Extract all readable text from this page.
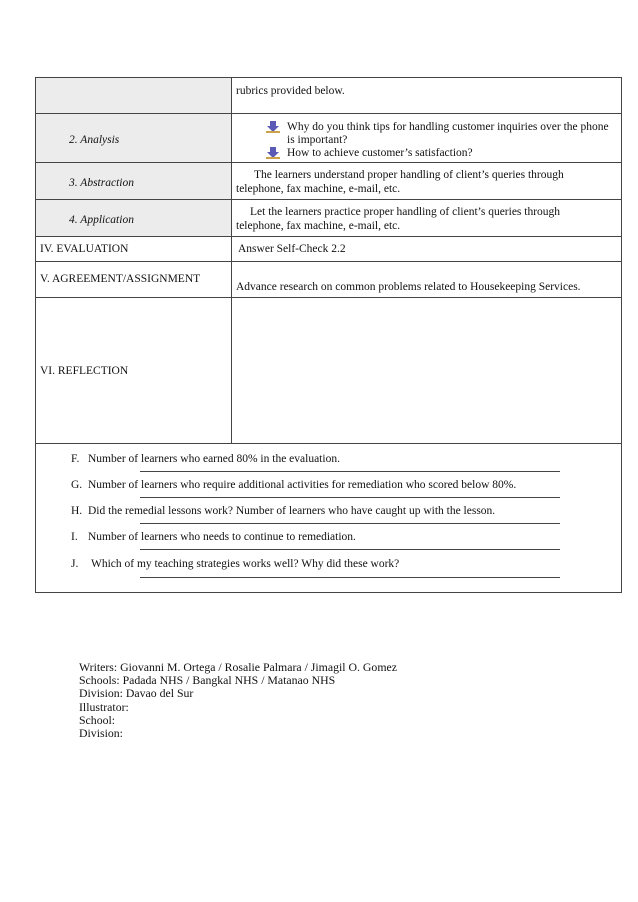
rubrics provided below.
2. Analysis
Why do you think tips for handling customer inquiries over the phone
is important?
How to achieve customer’s satisfaction?
3. Abstraction
The learners understand proper handling of client’s queries through
telephone, fax machine, e-mail, etc.
4. Application
Let the learners practice proper handling of client’s queries through
telephone, fax machine, e-mail, etc.
IV. EVALUATION	Answer Self-Check 2.2
V. AGREEMENT/ASSIGNMENT
Advance research on common problems related to Housekeeping Services.
VI. REFLECTION
F. Number of learners who earned 80% in the evaluation.
G. Number of learners who require additional activities for remediation who scored below 80%.
H. Did the remedial lessons work? Number of learners who have caught up with the lesson.
I. Number of learners who needs to continue to remediation.
J. Which of my teaching strategies works well? Why did these work?
Writers: Giovanni M. Ortega / Rosalie Palmara / Jimagil O. Gomez
Schools: Padada NHS / Bangkal NHS / Matanao NHS
Division: Davao del Sur
Illustrator:
School:
Division:
